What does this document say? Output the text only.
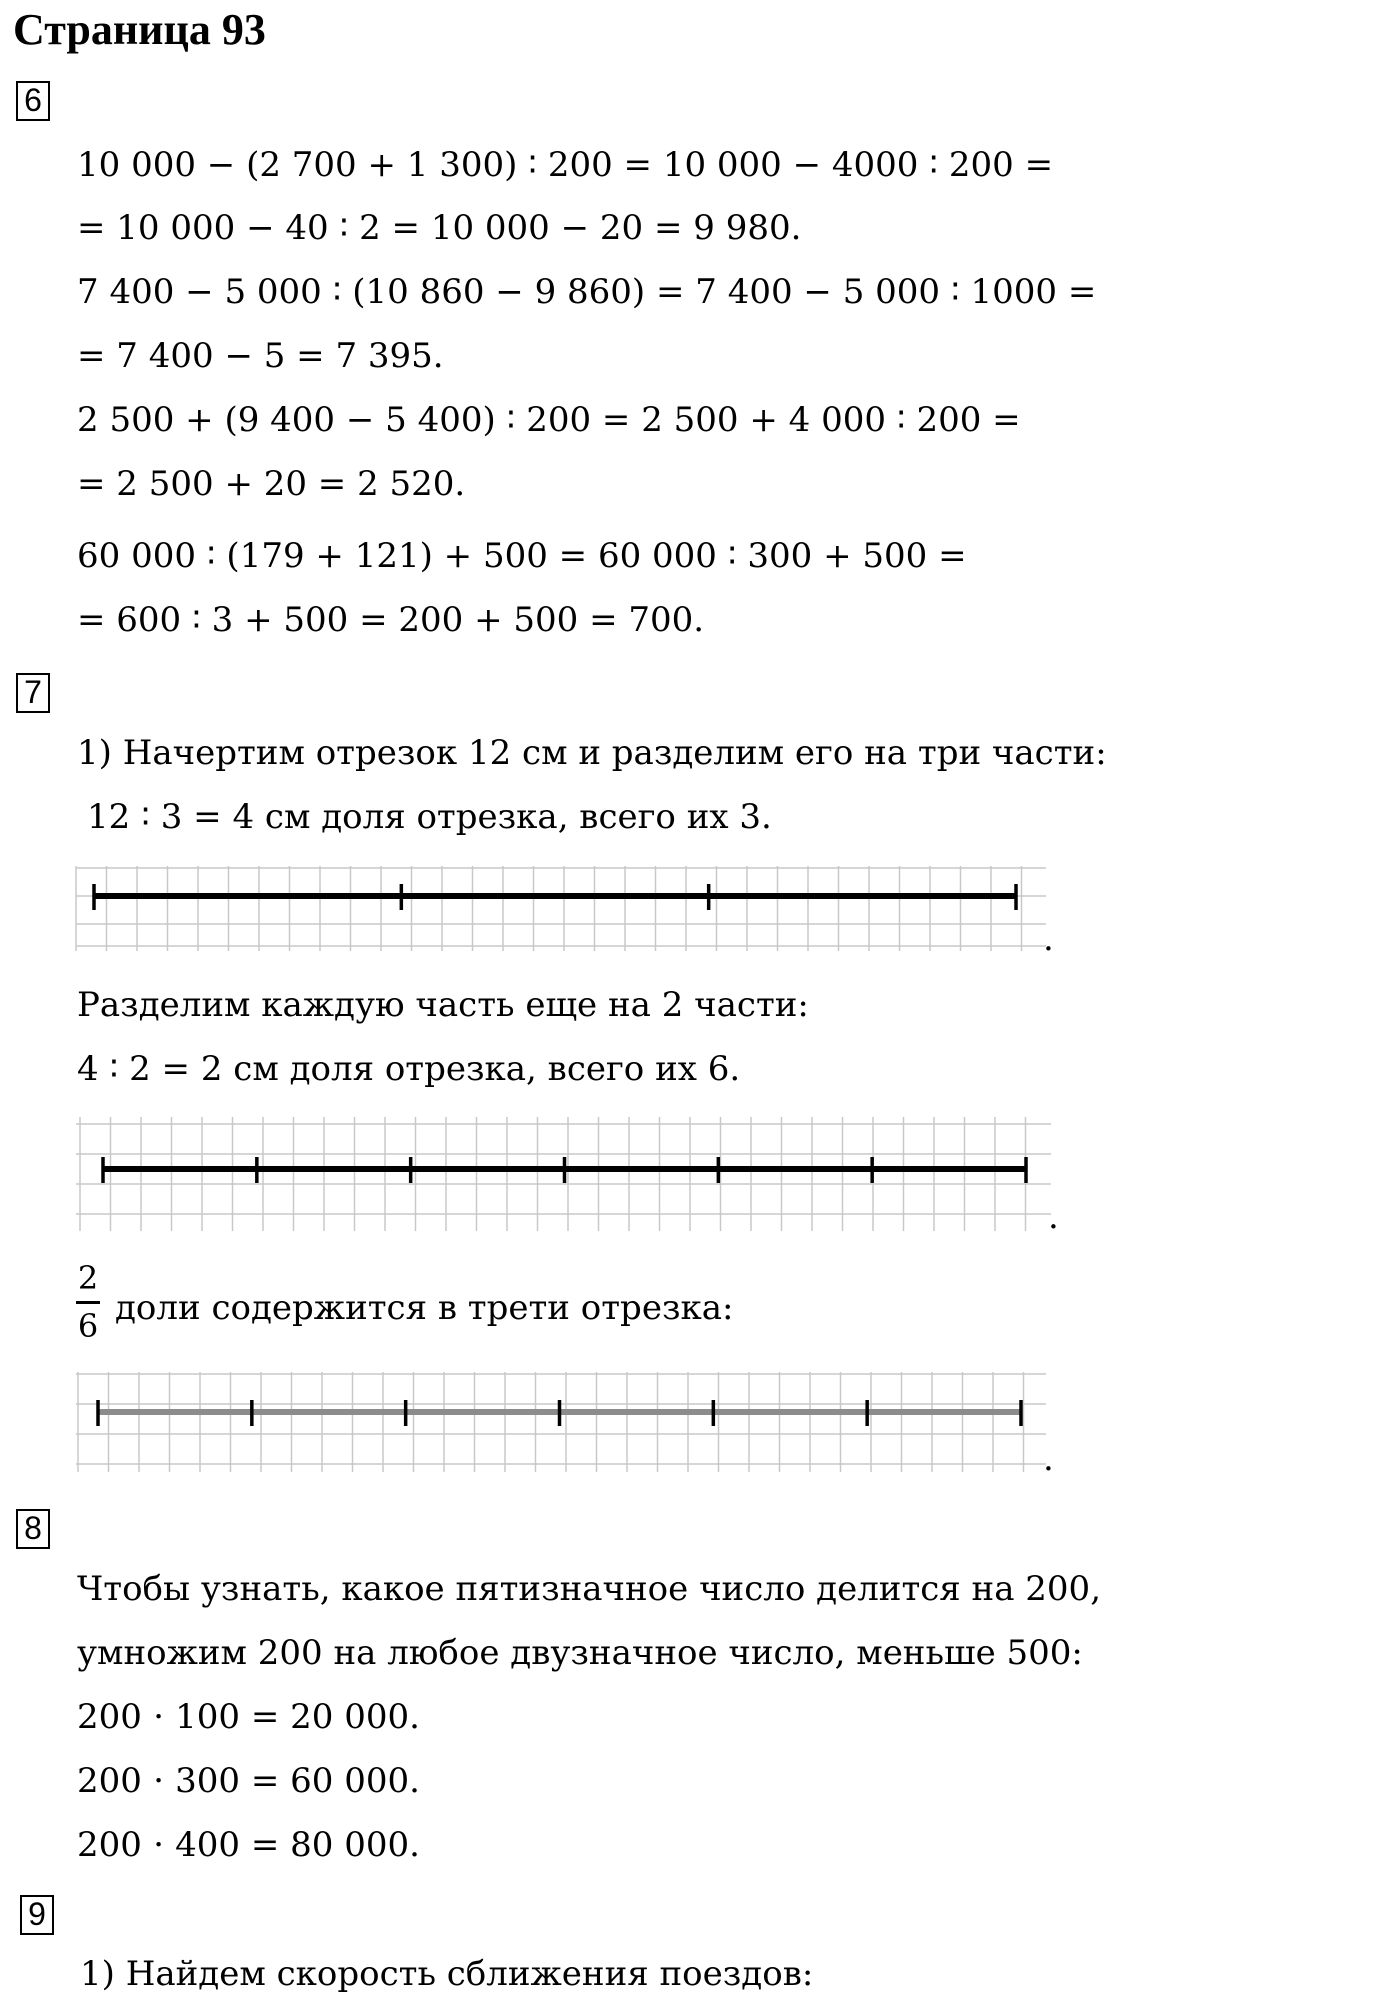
Страница 93
6
10 000 − (2 700 + 1 300) ∶ 200 = 10 000 − 4000 ∶ 200 =
= 10 000 − 40 ∶ 2 = 10 000 − 20 = 9 980.
7 400 − 5 000 ∶ (10 860 − 9 860) = 7 400 − 5 000 ∶ 1000 =
= 7 400 − 5 = 7 395.
2 500 + (9 400 − 5 400) ∶ 200 = 2 500 + 4 000 ∶ 200 =
= 2 500 + 20 = 2 520.
60 000 ∶ (179 + 121) + 500 = 60 000 ∶ 300 + 500 =
= 600 ∶ 3 + 500 = 200 + 500 = 700.
7
1) Начертим отрезок 12 см и разделим его на три части:
12 ∶ 3 = 4 см доля отрезка, всего их 3.
.
Разделим каждую часть еще на 2 части:
4 ∶ 2 = 2 см доля отрезка, всего их 6.
.
2
6 доли содержится в трети отрезка:
.
8
Чтобы узнать, какое пятизначное число делится на 200,
умножим 200 на любое двузначное число, меньше 500:
200 ⋅ 100 = 20 000.
200 ⋅ 300 = 60 000.
200 ⋅ 400 = 80 000.
9
1) Найдем скорость сближения поездов:
